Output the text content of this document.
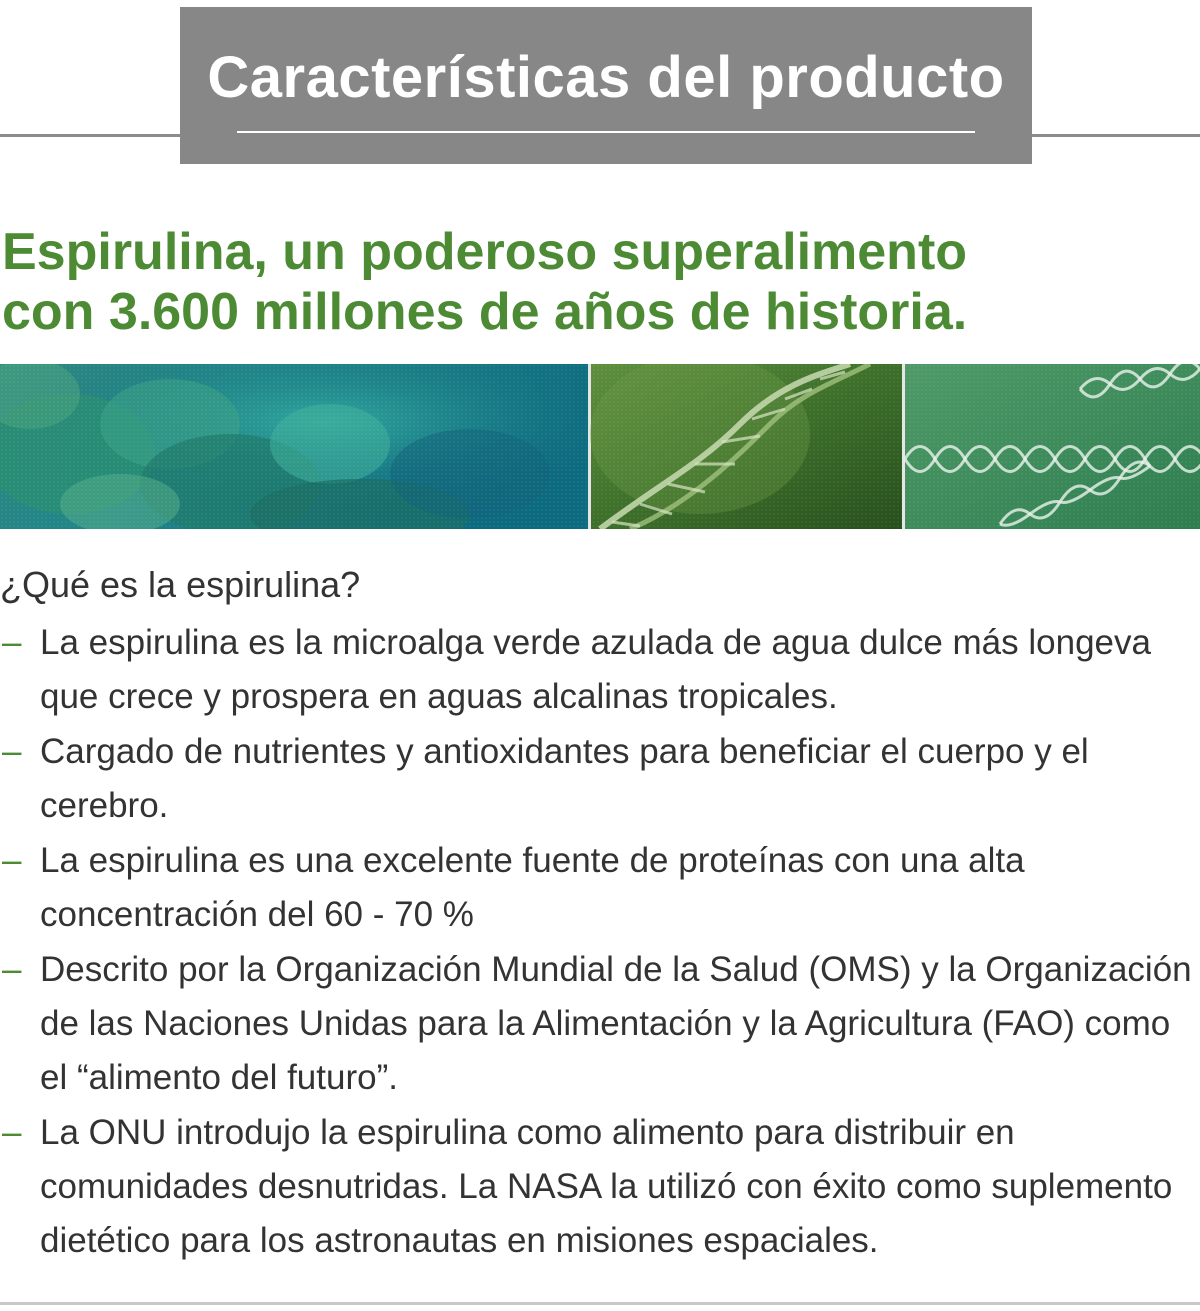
Características del producto
Espirulina, un poderoso superalimento
con 3.600 millones de años de historia.
¿Qué es la espirulina?
– La espirulina es la microalga verde azulada de agua dulce más longeva que crece y prospera en aguas alcalinas tropicales.
– Cargado de nutrientes y antioxidantes para beneficiar el cuerpo y el cerebro.
– La espirulina es una excelente fuente de proteínas con una alta concentración del 60 - 70 %
– Descrito por la Organización Mundial de la Salud (OMS) y la Organización de las Naciones Unidas para la Alimentación y la Agricultura (FAO) como el “alimento del futuro”.
– La ONU introdujo la espirulina como alimento para distribuir en comunidades desnutridas. La NASA la utilizó con éxito como suplemento dietético para los astronautas en misiones espaciales.
